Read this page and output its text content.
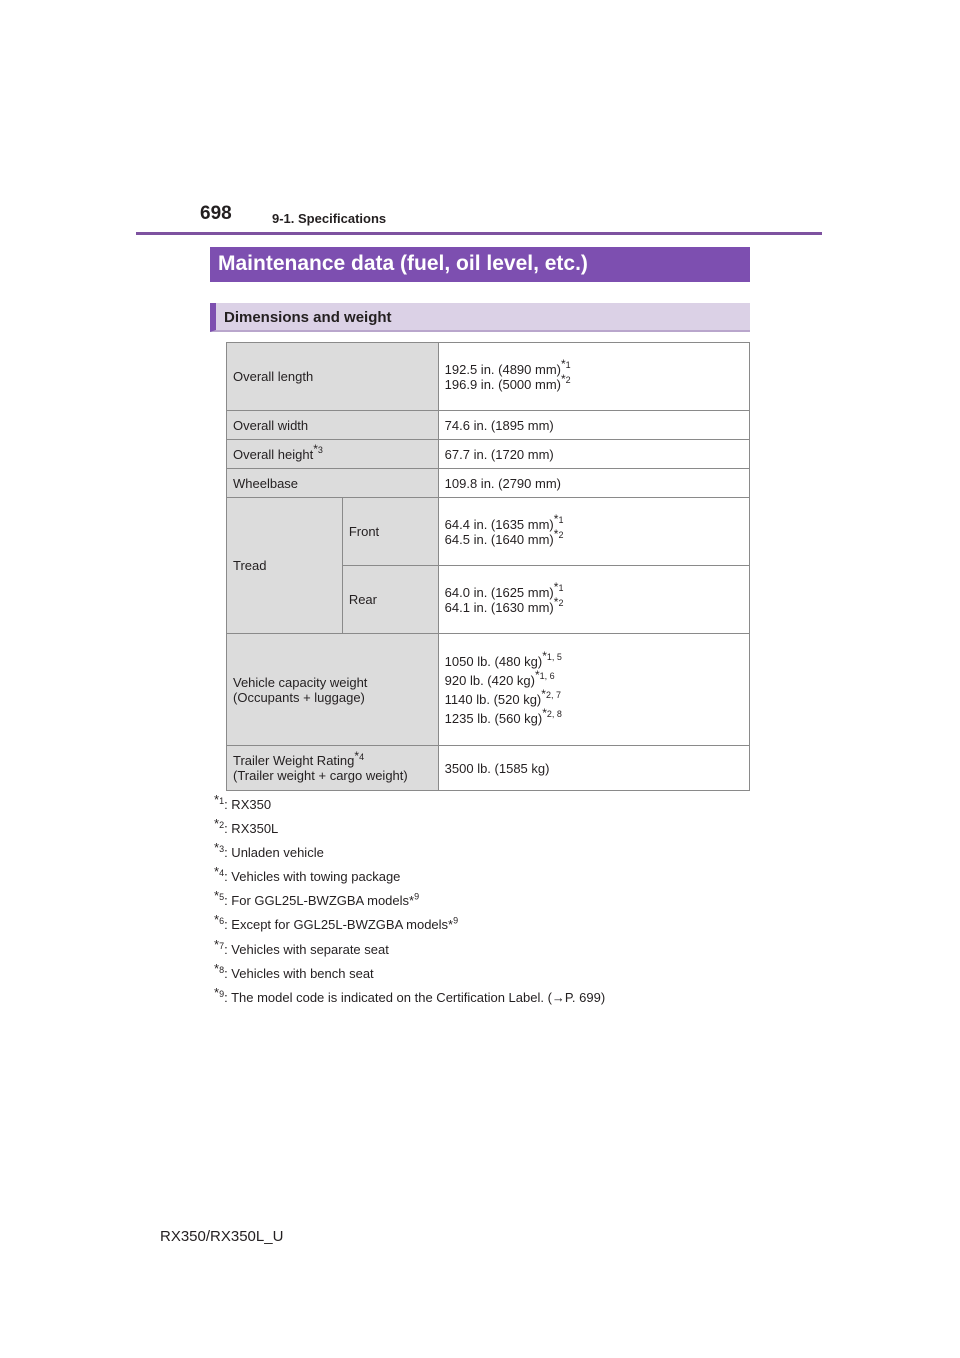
698	9-1. Specifications
Maintenance data (fuel, oil level, etc.)
Dimensions and weight
Overall length		192.5 in. (4890 mm)$^{*1}$
196.9 in. (5000 mm)$^{*2}$
Overall width		74.6 in. (1895 mm)
Overall height$^{*3}$		67.7 in. (1720 mm)
Wheelbase		109.8 in. (2790 mm)
Tread	Front	64.4 in. (1635 mm)$^{*1}$
64.5 in. (1640 mm)$^{*2}$
	Rear	64.0 in. (1625 mm)$^{*1}$
64.1 in. (1630 mm)$^{*2}$
Vehicle capacity weight
(Occupants + luggage)		1050 lb. (480 kg)$^{*1, 5}$
920 lb. (420 kg)$^{*1, 6}$
1140 lb. (520 kg)$^{*2, 7}$
1235 lb. (560 kg)$^{*2, 8}$
Trailer Weight Rating$^{*4}$
(Trailer weight + cargo weight)		3500 lb. (1585 kg)
$^{*1}$: RX350
$^{*2}$: RX350L
$^{*3}$: Unladen vehicle
$^{*4}$: Vehicles with towing package
$^{*5}$: For GGL25L-BWZGBA models*$^9$
$^{*6}$: Except for GGL25L-BWZGBA models*$^9$
$^{*7}$: Vehicles with separate seat
$^{*8}$: Vehicles with bench seat
$^{*9}$: The model code is indicated on the Certification Label. (→P. 699)
RX350/RX350L_U
